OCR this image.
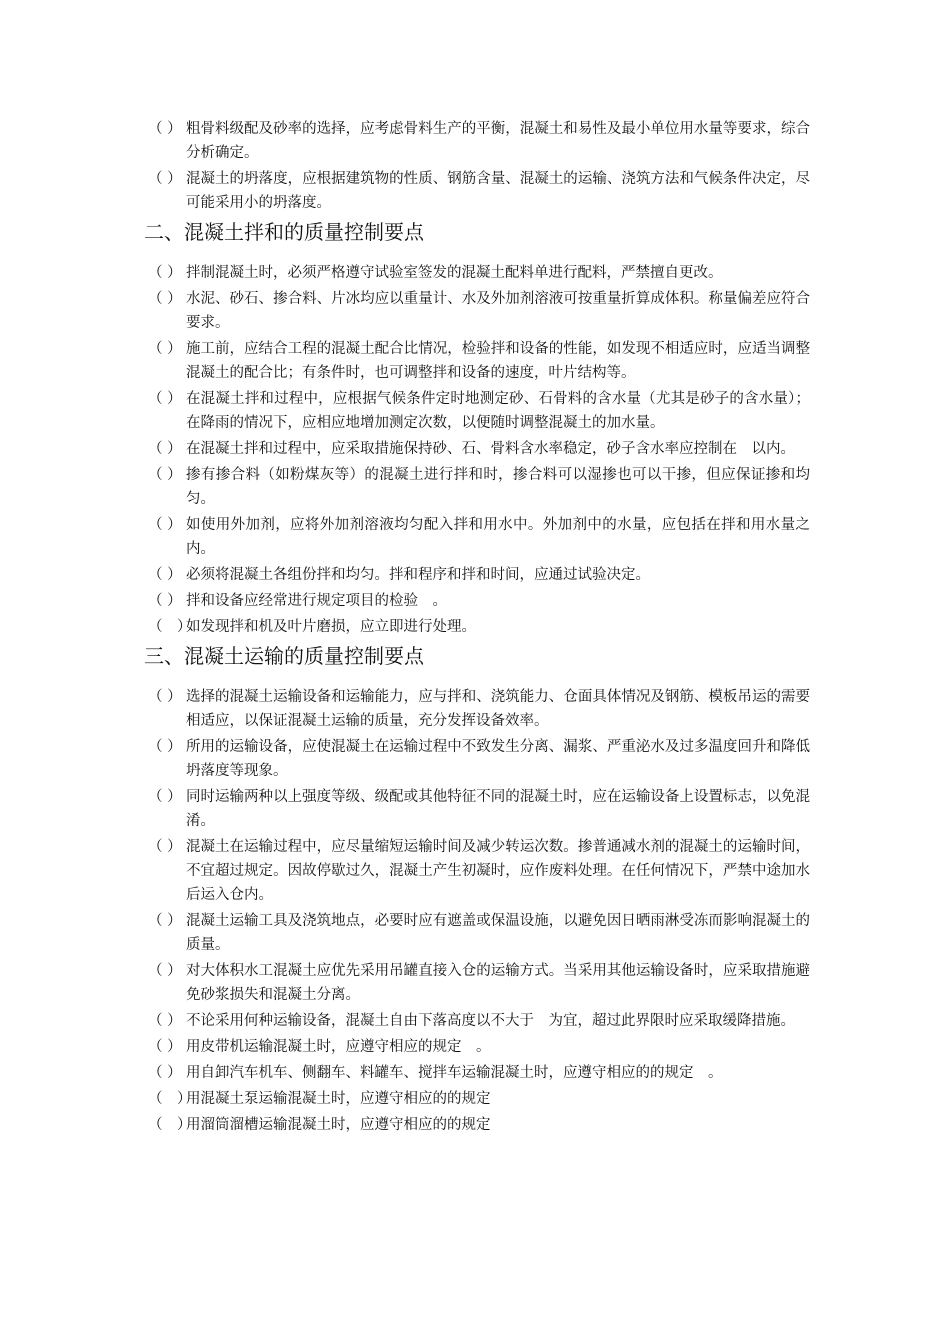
（ ） 粗骨料级配及砂率的选择，应考虑骨料生产的平衡，混凝土和易性及最小单位用水量等要求，综合分析确定。
（ ） 混凝土的坍落度，应根据建筑物的性质、钢筋含量、混凝土的运输、浇筑方法和气候条件决定，尽可能采用小的坍落度。
二、混凝土拌和的质量控制要点
（ ） 拌制混凝土时，必须严格遵守试验室签发的混凝土配料单进行配料，严禁擅自更改。
（ ） 水泥、砂石、掺合料、片冰均应以重量计、水及外加剂溶液可按重量折算成体积。称量偏差应符合要求。
（ ） 施工前，应结合工程的混凝土配合比情况，检验拌和设备的性能，如发现不相适应时，应适当调整混凝土的配合比；有条件时，也可调整拌和设备的速度，叶片结构等。
（ ） 在混凝土拌和过程中，应根据气候条件定时地测定砂、石骨料的含水量（尤其是砂子的含水量）；在降雨的情况下，应相应地增加测定次数，以便随时调整混凝土的加水量。
（ ） 在混凝土拌和过程中，应采取措施保持砂、石、骨料含水率稳定，砂子含水率应控制在　以内。
（ ） 掺有掺合料（如粉煤灰等）的混凝土进行拌和时，掺合料可以湿掺也可以干掺，但应保证掺和均匀。
（ ） 如使用外加剂，应将外加剂溶液均匀配入拌和用水中。外加剂中的水量，应包括在拌和用水量之内。
（ ） 必须将混凝土各组份拌和均匀。拌和程序和拌和时间，应通过试验决定。
（ ） 拌和设备应经常进行规定项目的检验　。
（　）
如发现拌和机及叶片磨损，应立即进行处理。
三、混凝土运输的质量控制要点
（ ） 选择的混凝土运输设备和运输能力，应与拌和、浇筑能力、仓面具体情况及钢筋、模板吊运的需要相适应，以保证混凝土运输的质量，充分发挥设备效率。
（ ） 所用的运输设备，应使混凝土在运输过程中不致发生分离、漏浆、严重泌水及过多温度回升和降低坍落度等现象。
（ ） 同时运输两种以上强度等级、级配或其他特征不同的混凝土时，应在运输设备上设置标志，以免混淆。
（ ） 混凝土在运输过程中，应尽量缩短运输时间及减少转运次数。掺普通减水剂的混凝土的运输时间，不宜超过规定。因故停歇过久，混凝土产生初凝时，应作废料处理。在任何情况下，严禁中途加水后运入仓内。
（ ） 混凝土运输工具及浇筑地点，必要时应有遮盖或保温设施，以避免因日晒雨淋受冻而影响混凝土的质量。
（ ） 对大体积水工混凝土应优先采用吊罐直接入仓的运输方式。当采用其他运输设备时，应采取措施避免砂浆损失和混凝土分离。
（ ） 不论采用何种运输设备，混凝土自由下落高度以不大于　为宜，超过此界限时应采取缓降措施。
（ ） 用皮带机运输混凝土时，应遵守相应的规定　。
（ ） 用自卸汽车机车、侧翻车、料罐车、搅拌车运输混凝土时，应遵守相应的的规定　。
（　）
用混凝土泵运输混凝土时，应遵守相应的的规定
（　）
用溜筒溜槽运输混凝土时，应遵守相应的的规定
